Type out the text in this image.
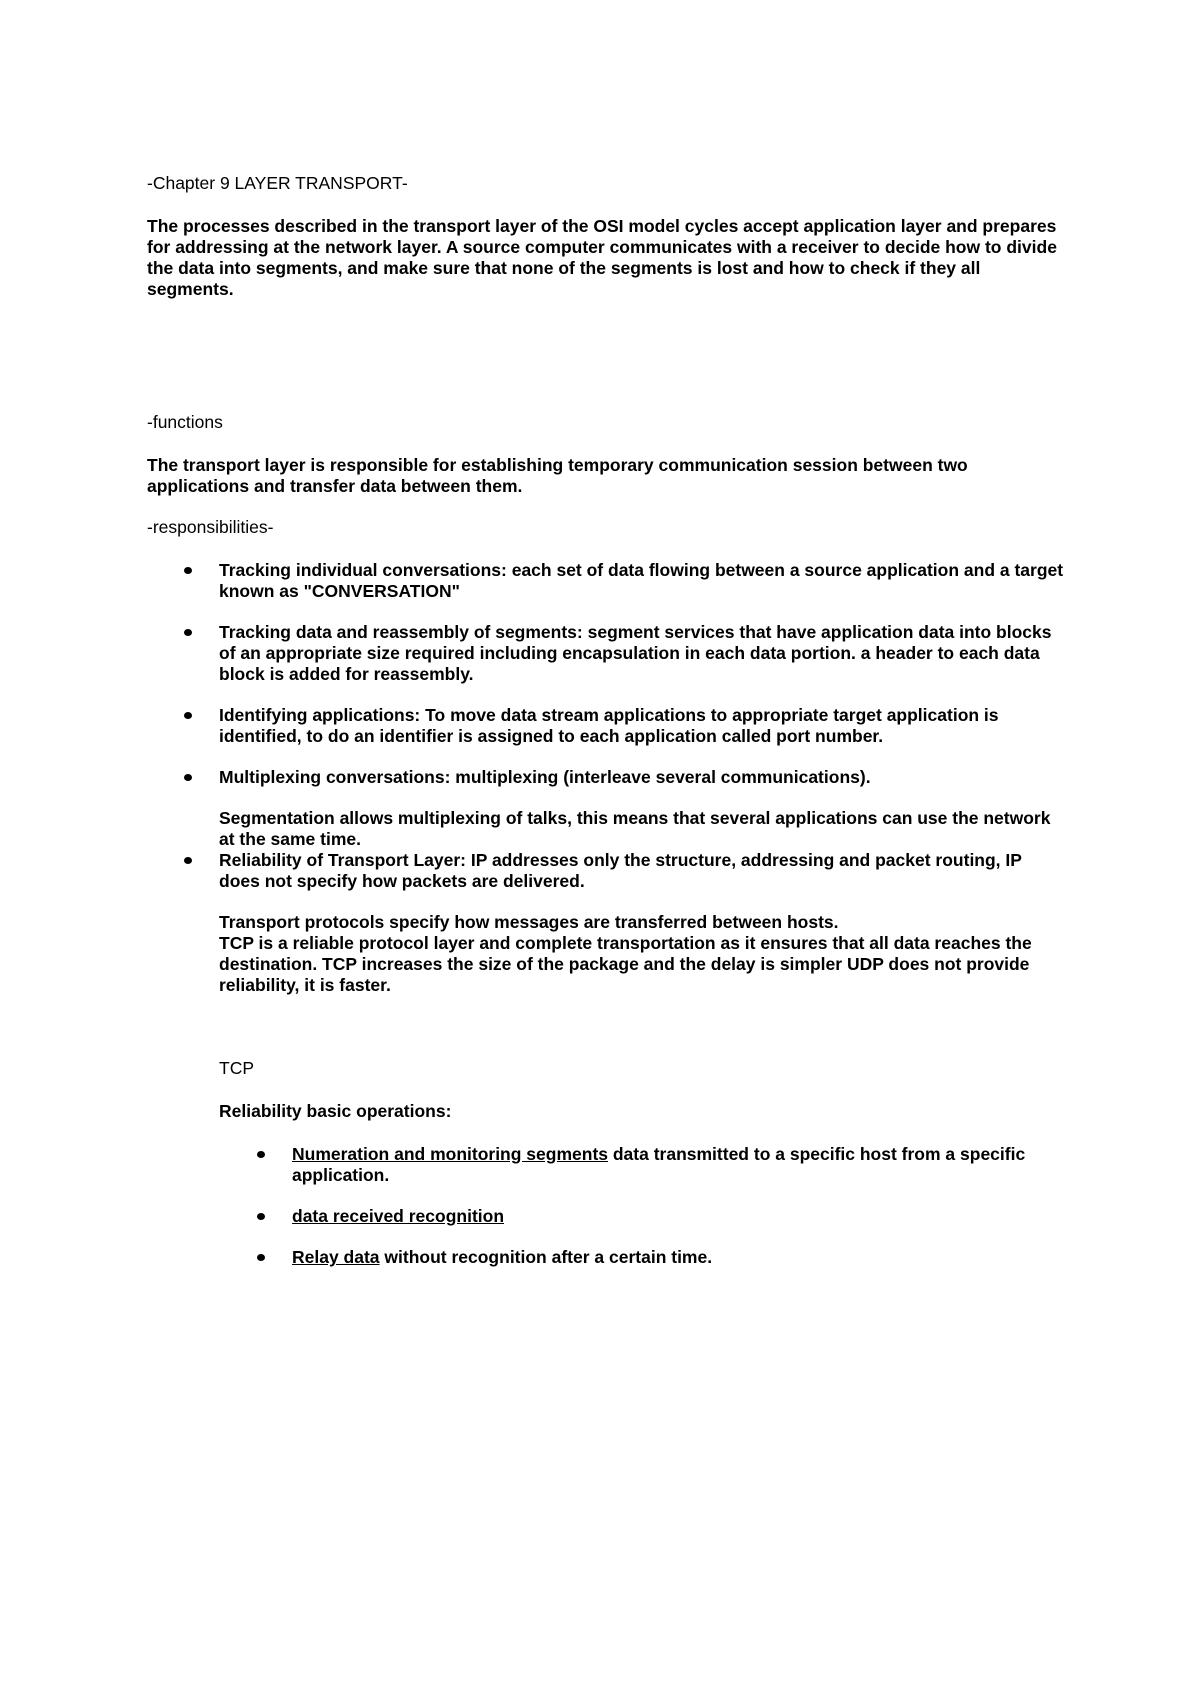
-Chapter 9 LAYER TRANSPORT-

The processes described in the transport layer of the OSI model cycles accept application layer and prepares for addressing at the network layer. A source computer communicates with a receiver to decide how to divide the data into segments, and make sure that none of the segments is lost and how to check if they all segments.

-functions

The transport layer is responsible for establishing temporary communication session between two applications and transfer data between them.

-responsibilities-

Tracking individual conversations: each set of data flowing between a source application and a target known as "CONVERSATION"
Tracking data and reassembly of segments: segment services that have application data into blocks of an appropriate size required including encapsulation in each data portion. a header to each data block is added for reassembly.
Identifying applications: To move data stream applications to appropriate target application is identified, to do an identifier is assigned to each application called port number.
Multiplexing conversations: multiplexing (interleave several communications).

Segmentation allows multiplexing of talks, this means that several applications can use the network at the same time.

Reliability of Transport Layer: IP addresses only the structure, addressing and packet routing, IP does not specify how packets are delivered.

Transport protocols specify how messages are transferred between hosts.

TCP is a reliable protocol layer and complete transportation as it ensures that all data reaches the destination. TCP increases the size of the package and the delay is simpler UDP does not provide reliability, it is faster.

TCP

Reliability basic operations:

Numeration and monitoring segments data transmitted to a specific host from a specific application.
data received recognition
Relay data without recognition after a certain time.
